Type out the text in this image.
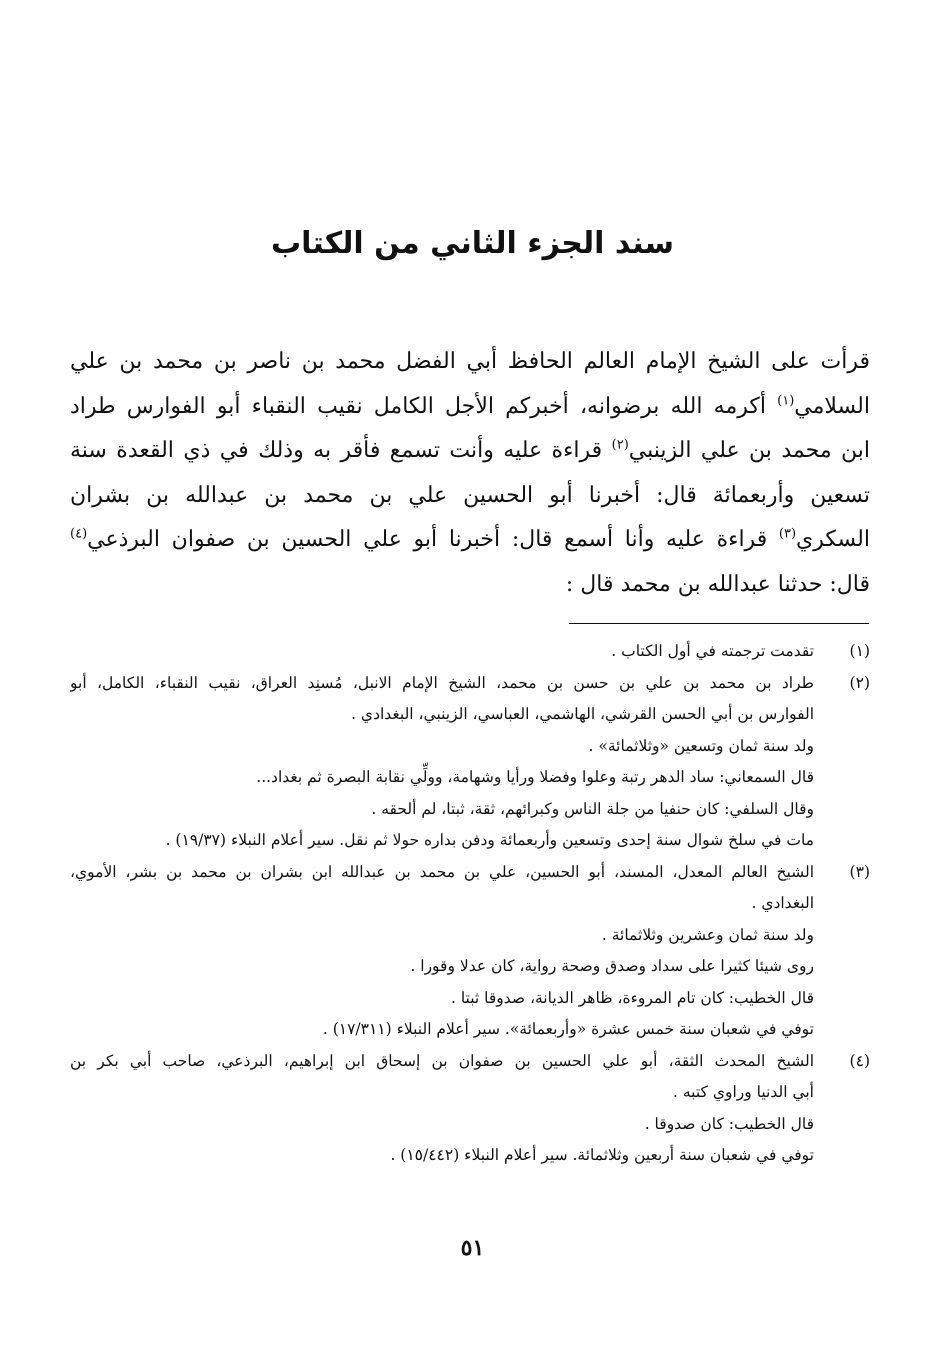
سند الجزء الثاني من الكتاب
قرأت على الشيخ الإمام العالم الحافظ أبي الفضل محمد بن ناصر بن محمد بن علي
السلامي$^{(١)}$ أكرمه الله برضوانه، أخبركم الأجل الكامل نقيب النقباء أبو الفوارس طراد
ابن محمد بن علي الزينبي$^{(٢)}$ قراءة عليه وأنت تسمع فأقر به وذلك في ذي القعدة سنة
تسعين وأربعمائة قال: أخبرنا أبو الحسين علي بن محمد بن عبدالله بن بشران
السكري$^{(٣)}$ قراءة عليه وأنا أسمع قال: أخبرنا أبو علي الحسين بن صفوان البرذعي$^{(٤)}$
قال: حدثنا عبدالله بن محمد قال :
(١)
تقدمت ترجمته في أول الكتاب .
(٢)
طراد بن محمد بن علي بن حسن بن محمد، الشيخ الإمام الانبل، مُسنِد العراق، نقيب النقباء، الكامل، أبو
الفوارس بن أبي الحسن القرشي، الهاشمي، العباسي، الزينبي، البغدادي .
ولد سنة ثمان وتسعين «وثلاثمائة» .
قال السمعاني: ساد الدهر رتبة وعلوا وفضلا ورأيا وشهامة، وولِّي نقابة البصرة ثم بغداد...
وقال السلفي: كان حنفيا من جلة الناس وكبرائهم، ثقة، ثبتا، لم ألحقه .
مات في سلخ شوال سنة إحدى وتسعين وأربعمائة ودفن بداره حولا ثم نقل. سير أعلام النبلاء (١٩/٣٧) .
(٣)
الشيخ العالم المعدل، المسند، أبو الحسين، علي بن محمد بن عبدالله ابن بشران بن محمد بن بشر، الأموي،
البغدادي .
ولد سنة ثمان وعشرين وثلاثمائة .
روى شيئا كثيرا على سداد وصدق وصحة رواية، كان عدلا وقورا .
قال الخطيب: كان تام المروءة، ظاهر الديانة، صدوقا ثبتا .
توفي في شعبان سنة خمس عشرة «وأربعمائة». سير أعلام النبلاء (١٧/٣١١) .
(٤)
الشيخ المحدث الثقة، أبو علي الحسين بن صفوان بن إسحاق ابن إبراهيم، البرذعي، صاحب أبي بكر بن
أبي الدنيا وراوي كتبه .
قال الخطيب: كان صدوقا .
توفي في شعبان سنة أربعين وثلاثمائة. سير أعلام النبلاء (١٥/٤٤٢) .
٥١
